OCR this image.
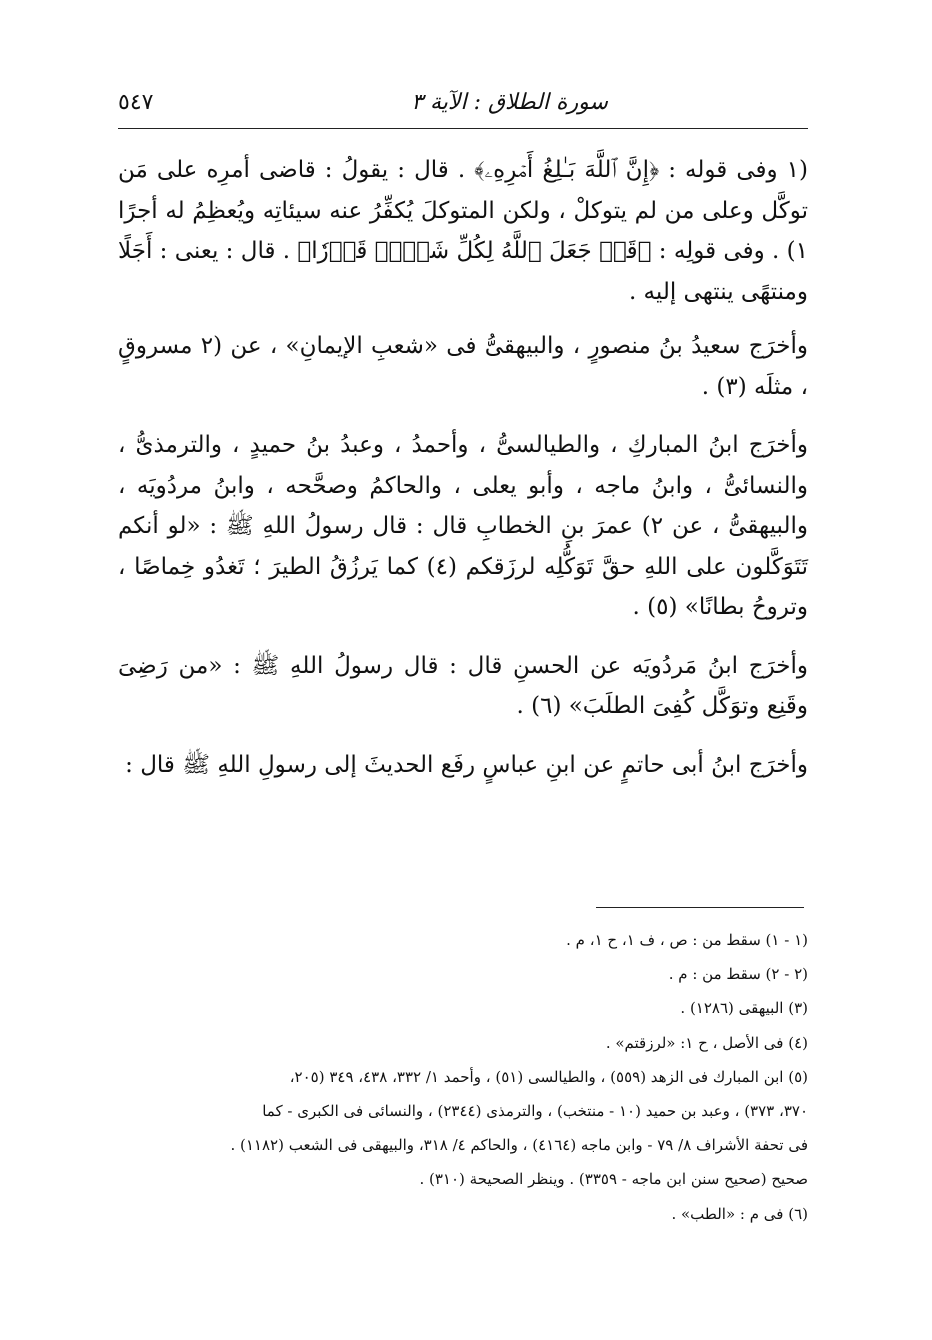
سورة الطلاق : الآية ٣
٥٤٧

(١ وفى قوله : ﴿إِنَّ ٱللَّهَ بَـٰلِغُ أَمۡرِهِۦ﴾ . قال : يقولُ : قاضى أمرِه على مَن توكَّل وعلى من لم يتوكلْ ، ولكن المتوكلَ يُكفِّرُ عنه سيئاتِه ويُعظِمُ له أجرًا ١) . وفى قولِه : ﴿قَدۡ جَعَلَ ٱللَّهُ لِكُلِّ شَيۡءٖ قَدۡرٗا﴾ . قال : يعنى : أَجَلًا ومنتهًى ينتهى إليه .

وأخرَج سعيدُ بنُ منصورٍ ، والبيهقىُّ فى «شعبِ الإيمانِ» ، عن (٢ مسروقٍ ، مثلَه (٣) .

وأخرَج ابنُ المباركِ ، والطيالسىُّ ، وأحمدُ ، وعبدُ بنُ حميدٍ ، والترمذىُّ ، والنسائىُّ ، وابنُ ماجه ، وأبو يعلى ، والحاكمُ وصحَّحه ، وابنُ مردُويَه ، والبيهقىُّ ، عن ٢) عمرَ بنِ الخطابِ قال : قال رسولُ اللهِ ﷺ : «لو أنكم تَتَوَكَّلون على اللهِ حقَّ تَوَكُّلِه لرزَقكم (٤) كما يَرزُقُ الطيرَ ؛ تَغدُو خِماصًا ، وتروحُ بطانًا» (٥) .

وأخرَج ابنُ مَردُويَه عن الحسنِ قال : قال رسولُ اللهِ ﷺ : «من رَضِىَ وقَنِع وتوَكَّل كُفِىَ الطلَبَ» (٦) .

وأخرَج ابنُ أبى حاتمٍ عن ابنِ عباسٍ رفَع الحديثَ إلى رسولِ اللهِ ﷺ قال :

(١ - ١) سقط من : ص ، ف ١، ح ١، م .

(٢ - ٢) سقط من : م .

(٣) البيهقى (١٢٨٦) .

(٤) فى الأصل ، ح ١: «لرزقتم» .

(٥) ابن المبارك فى الزهد (٥٥٩) ، والطيالسى (٥١) ، وأحمد ١/ ٣٣٢، ٤٣٨، ٣٤٩ (٢٠٥،

٣٧٠، ٣٧٣) ، وعبد بن حميد (١٠ - منتخب) ، والترمذى (٢٣٤٤) ، والنسائى فى الكبرى - كما

فى تحفة الأشراف ٨/ ٧٩ - وابن ماجه (٤١٦٤) ، والحاكم ٤/ ٣١٨، والبيهقى فى الشعب (١١٨٢) .

صحيح (صحيح سنن ابن ماجه - ٣٣٥٩) . وينظر الصحيحة (٣١٠) .

(٦) فى م : «الطب» .
